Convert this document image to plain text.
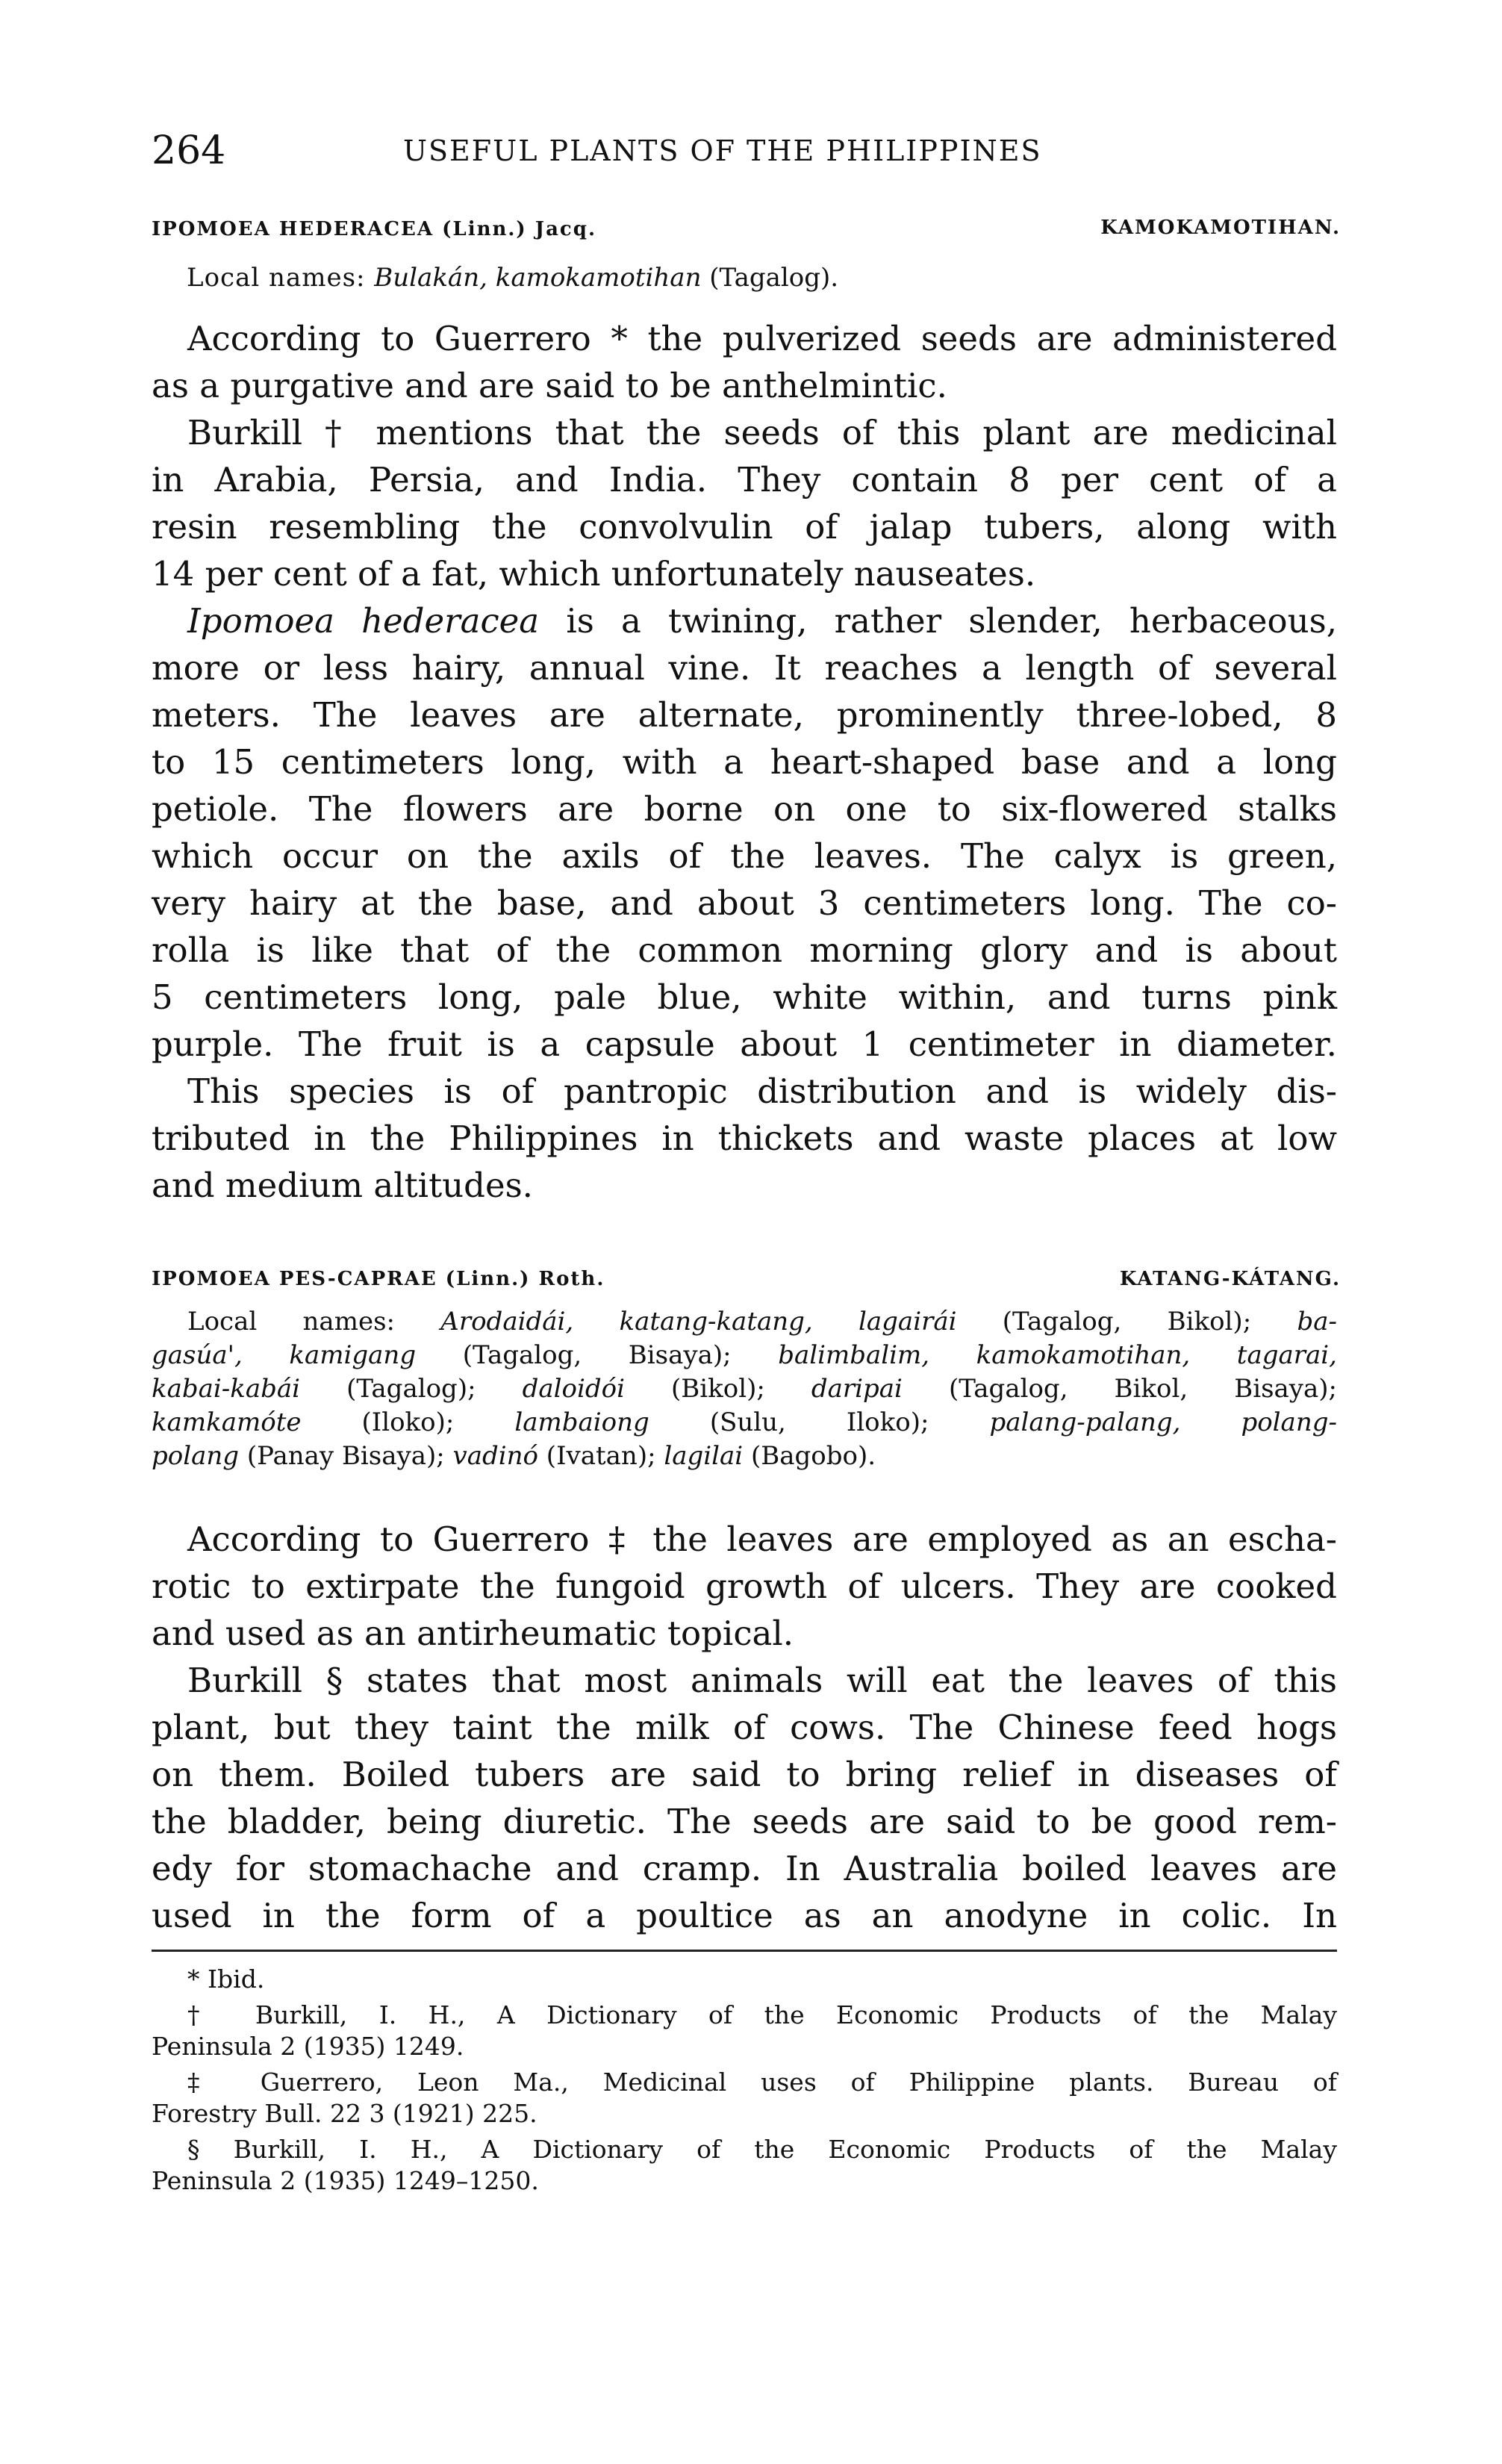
264	USEFUL PLANTS OF THE PHILIPPINES
IPOMOEA HEDERACEA (Linn.) Jacq.	KAMOKAMOTIHAN.
Local names: Bulakán, kamokamotihan (Tagalog).
According to Guerrero * the pulverized seeds are administered
as a purgative and are said to be anthelmintic.
Burkill † mentions that the seeds of this plant are medicinal
in Arabia, Persia, and India. They contain 8 per cent of a
resin resembling the convolvulin of jalap tubers, along with
14 per cent of a fat, which unfortunately nauseates.
Ipomoea hederacea is a twining, rather slender, herbaceous,
more or less hairy, annual vine. It reaches a length of several
meters. The leaves are alternate, prominently three-lobed, 8
to 15 centimeters long, with a heart-shaped base and a long
petiole. The flowers are borne on one to six-flowered stalks
which occur on the axils of the leaves. The calyx is green,
very hairy at the base, and about 3 centimeters long. The co-
rolla is like that of the common morning glory and is about
5 centimeters long, pale blue, white within, and turns pink
purple. The fruit is a capsule about 1 centimeter in diameter.
This species is of pantropic distribution and is widely dis-
tributed in the Philippines in thickets and waste places at low
and medium altitudes.
IPOMOEA PES-CAPRAE (Linn.) Roth.	KATANG-KÁTANG.
Local names: Arodaidái, katang-katang, lagairái (Tagalog, Bikol); ba-
gasúa', kamigang (Tagalog, Bisaya); balimbalim, kamokamotihan, tagarai,
kabai-kabái (Tagalog); daloidói (Bikol); daripai (Tagalog, Bikol, Bisaya);
kamkamóte (Iloko); lambaiong (Sulu, Iloko); palang-palang, polang-
polang (Panay Bisaya); vadinó (Ivatan); lagilai (Bagobo).
According to Guerrero ‡ the leaves are employed as an escha-
rotic to extirpate the fungoid growth of ulcers. They are cooked
and used as an antirheumatic topical.
Burkill § states that most animals will eat the leaves of this
plant, but they taint the milk of cows. The Chinese feed hogs
on them. Boiled tubers are said to bring relief in diseases of
the bladder, being diuretic. The seeds are said to be good rem-
edy for stomachache and cramp. In Australia boiled leaves are
used in the form of a poultice as an anodyne in colic. In
* Ibid.
† Burkill, I. H., A Dictionary of the Economic Products of the Malay
Peninsula 2 (1935) 1249.
‡ Guerrero, Leon Ma., Medicinal uses of Philippine plants. Bureau of
Forestry Bull. 22 3 (1921) 225.
§ Burkill, I. H., A Dictionary of the Economic Products of the Malay
Peninsula 2 (1935) 1249–1250.
